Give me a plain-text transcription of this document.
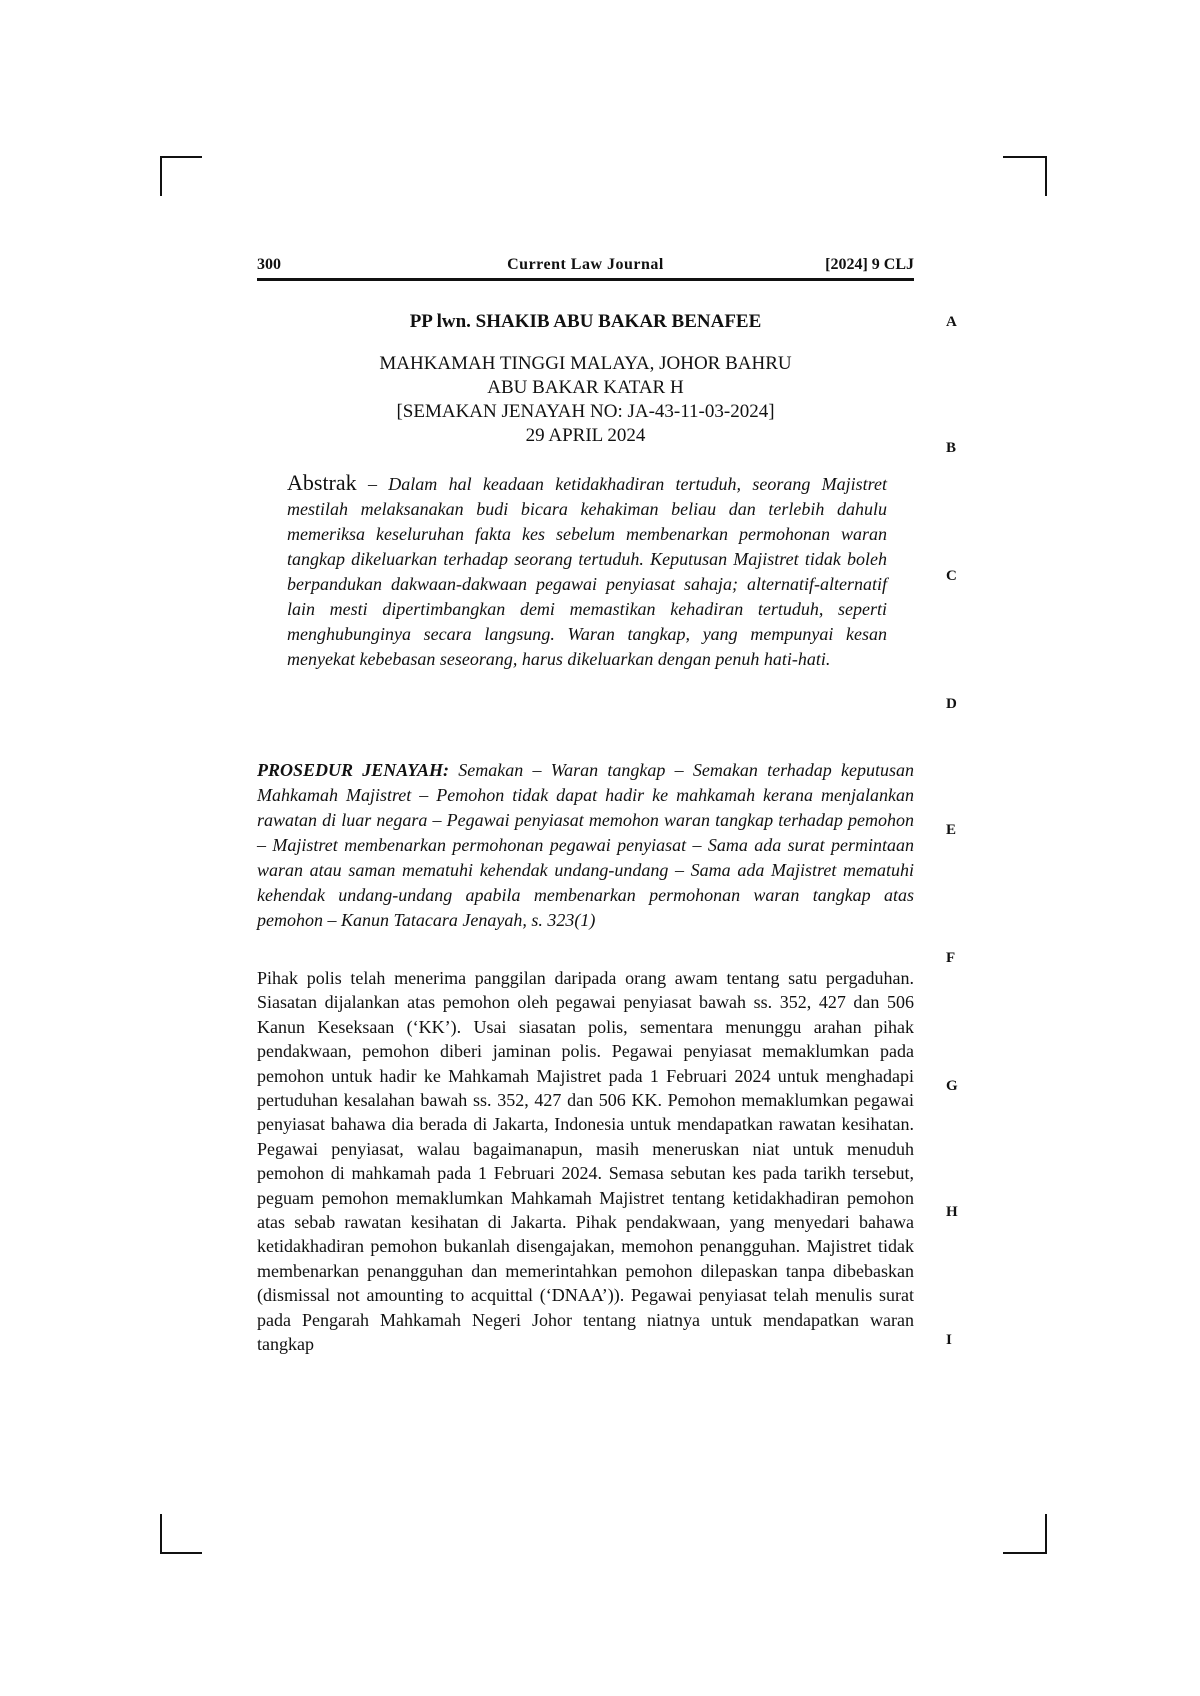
300	Current Law Journal	[2024] 9 CLJ
PP lwn. SHAKIB ABU BAKAR BENAFEE
MAHKAMAH TINGGI MALAYA, JOHOR BAHRU
ABU BAKAR KATAR H
[SEMAKAN JENAYAH NO: JA-43-11-03-2024]
29 APRIL 2024
Abstrak – Dalam hal keadaan ketidakhadiran tertuduh, seorang Majistret mestilah melaksanakan budi bicara kehakiman beliau dan terlebih dahulu memeriksa keseluruhan fakta kes sebelum membenarkan permohonan waran tangkap dikeluarkan terhadap seorang tertuduh. Keputusan Majistret tidak boleh berpandukan dakwaan-dakwaan pegawai penyiasat sahaja; alternatif-alternatif lain mesti dipertimbangkan demi memastikan kehadiran tertuduh, seperti menghubunginya secara langsung. Waran tangkap, yang mempunyai kesan menyekat kebebasan seseorang, harus dikeluarkan dengan penuh hati-hati.
PROSEDUR JENAYAH: Semakan – Waran tangkap – Semakan terhadap keputusan Mahkamah Majistret – Pemohon tidak dapat hadir ke mahkamah kerana menjalankan rawatan di luar negara – Pegawai penyiasat memohon waran tangkap terhadap pemohon – Majistret membenarkan permohonan pegawai penyiasat – Sama ada surat permintaan waran atau saman mematuhi kehendak undang-undang – Sama ada Majistret mematuhi kehendak undang-undang apabila membenarkan permohonan waran tangkap atas pemohon – Kanun Tatacara Jenayah, s. 323(1)
Pihak polis telah menerima panggilan daripada orang awam tentang satu pergaduhan. Siasatan dijalankan atas pemohon oleh pegawai penyiasat bawah ss. 352, 427 dan 506 Kanun Keseksaan (‘KK’). Usai siasatan polis, sementara menunggu arahan pihak pendakwaan, pemohon diberi jaminan polis. Pegawai penyiasat memaklumkan pada pemohon untuk hadir ke Mahkamah Majistret pada 1 Februari 2024 untuk menghadapi pertuduhan kesalahan bawah ss. 352, 427 dan 506 KK. Pemohon memaklumkan pegawai penyiasat bahawa dia berada di Jakarta, Indonesia untuk mendapatkan rawatan kesihatan. Pegawai penyiasat, walau bagaimanapun, masih meneruskan niat untuk menuduh pemohon di mahkamah pada 1 Februari 2024. Semasa sebutan kes pada tarikh tersebut, peguam pemohon memaklumkan Mahkamah Majistret tentang ketidakhadiran pemohon atas sebab rawatan kesihatan di Jakarta. Pihak pendakwaan, yang menyedari bahawa ketidakhadiran pemohon bukanlah disengajakan, memohon penangguhan. Majistret tidak membenarkan penangguhan dan memerintahkan pemohon dilepaskan tanpa dibebaskan (dismissal not amounting to acquittal (‘DNAA’)). Pegawai penyiasat telah menulis surat pada Pengarah Mahkamah Negeri Johor tentang niatnya untuk mendapatkan waran tangkap
A
B
C
D
E
F
G
H
I
